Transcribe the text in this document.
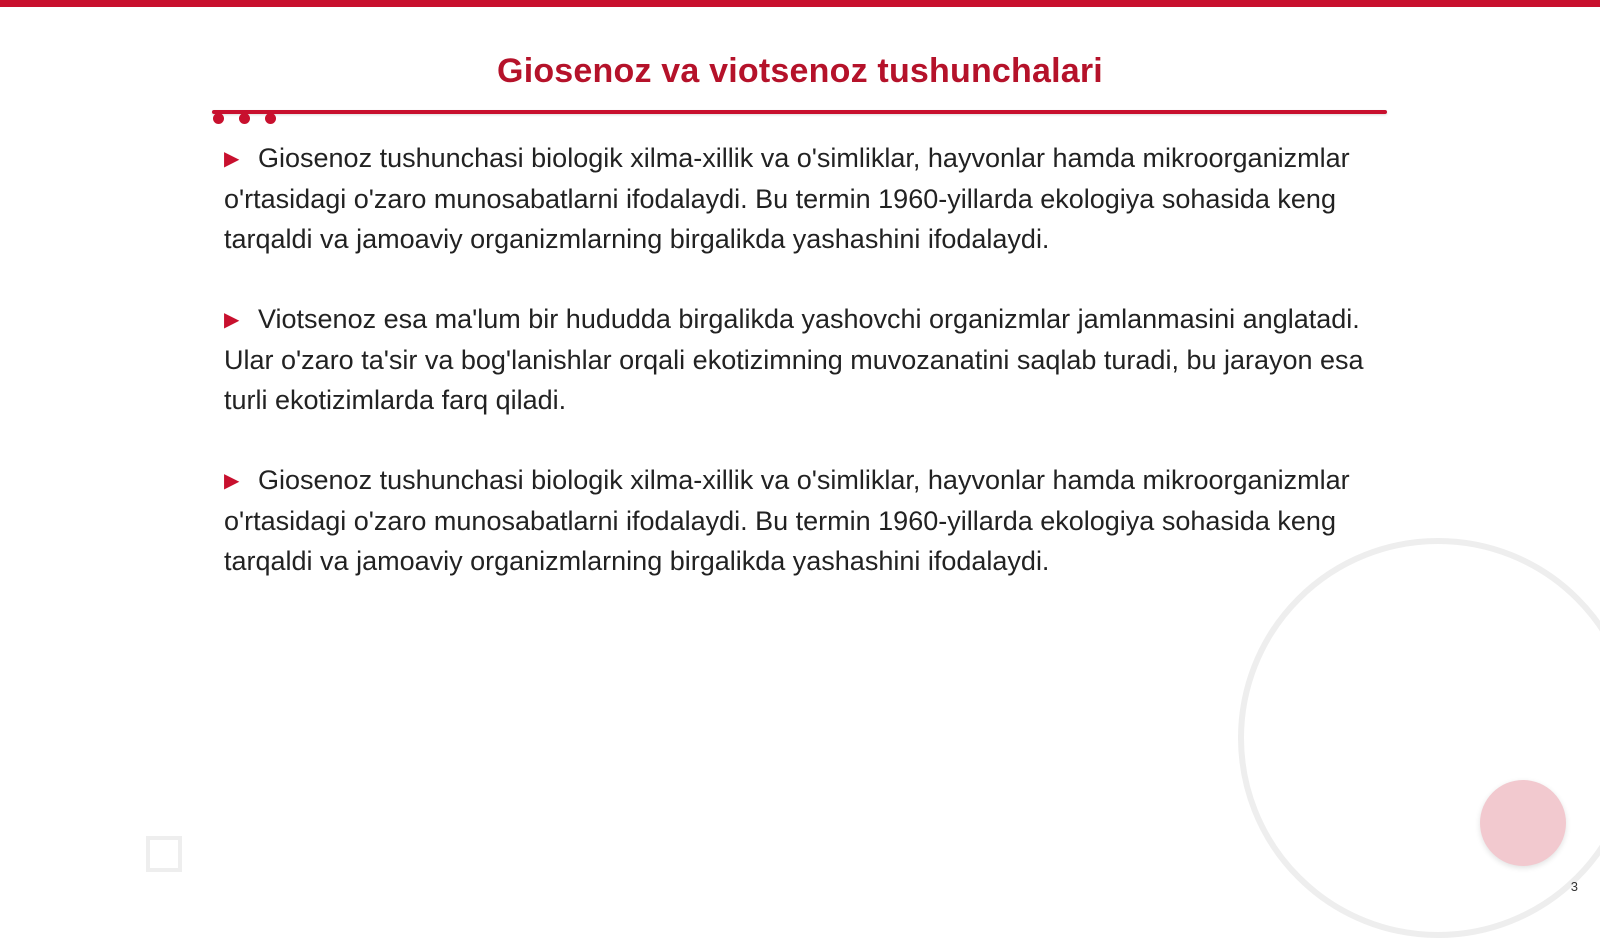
Giosenoz va viotsenoz tushunchalari

▶ Giosenoz tushunchasi biologik xilma-xillik va o'simliklar, hayvonlar hamda mikroorganizmlar o'rtasidagi o'zaro munosabatlarni ifodalaydi. Bu termin 1960-yillarda ekologiya sohasida keng tarqaldi va jamoaviy organizmlarning birgalikda yashashini ifodalaydi.

▶ Viotsenoz esa ma'lum bir hududda birgalikda yashovchi organizmlar jamlanmasini anglatadi. Ular o'zaro ta'sir va bog'lanishlar orqali ekotizimning muvozanatini saqlab turadi, bu jarayon esa turli ekotizimlarda farq qiladi.

▶ Giosenoz tushunchasi biologik xilma-xillik va o'simliklar, hayvonlar hamda mikroorganizmlar o'rtasidagi o'zaro munosabatlarni ifodalaydi. Bu termin 1960-yillarda ekologiya sohasida keng tarqaldi va jamoaviy organizmlarning birgalikda yashashini ifodalaydi.

3
